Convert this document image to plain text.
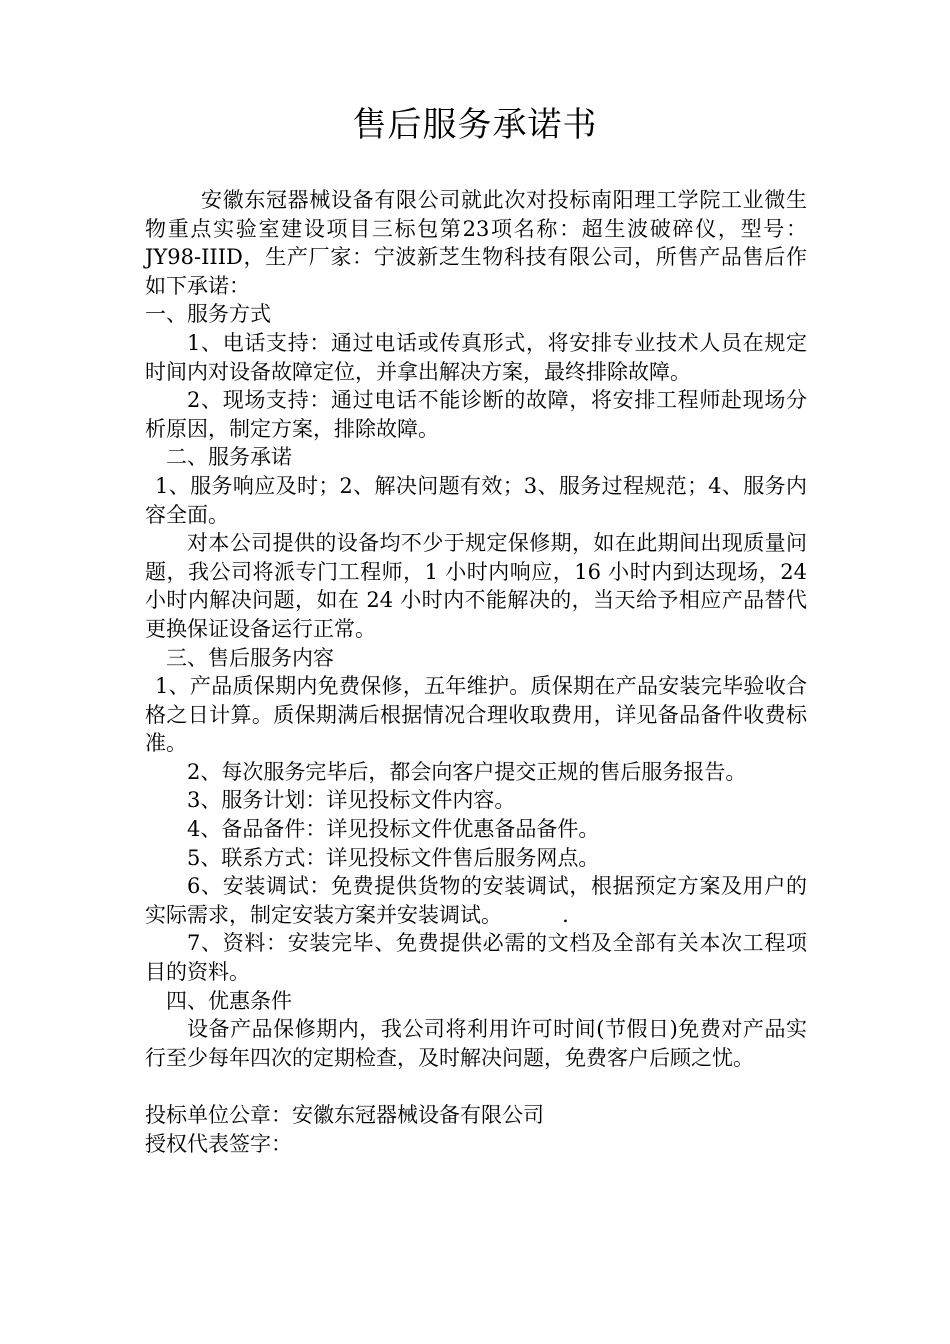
售后服务承诺书

安徽东冠器械设备有限公司就此次对投标南阳理工学院工业微生物重点实验室建设项目三标包第23项名称：超生波破碎仪，型号：JY98-IIID，生产厂家：宁波新芝生物科技有限公司，所售产品售后作如下承诺：

一、服务方式

1、电话支持：通过电话或传真形式，将安排专业技术人员在规定时间内对设备故障定位，并拿出解决方案，最终排除故障。

2、现场支持：通过电话不能诊断的故障，将安排工程师赴现场分析原因，制定方案，排除故障。

二、服务承诺

1、服务响应及时；2、解决问题有效；3、服务过程规范；4、服务内容全面。

对本公司提供的设备均不少于规定保修期，如在此期间出现质量问题，我公司将派专门工程师，1 小时内响应，16 小时内到达现场，24 小时内解决问题，如在 24 小时内不能解决的，当天给予相应产品替代更换保证设备运行正常。

三、售后服务内容

1、产品质保期内免费保修，五年维护。质保期在产品安装完毕验收合格之日计算。质保期满后根据情况合理收取费用，详见备品备件收费标准。

2、每次服务完毕后，都会向客户提交正规的售后服务报告。

3、服务计划：详见投标文件内容。

4、备品备件：详见投标文件优惠备品备件。

5、联系方式：详见投标文件售后服务网点。

6、安装调试：免费提供货物的安装调试，根据预定方案及用户的实际需求，制定安装方案并安装调试。         .

7、资料：安装完毕、免费提供必需的文档及全部有关本次工程项目的资料。

四、优惠条件

设备产品保修期内，我公司将利用许可时间(节假日)免费对产品实行至少每年四次的定期检查，及时解决问题，免费客户后顾之忧。

投标单位公章：安徽东冠器械设备有限公司

授权代表签字：
